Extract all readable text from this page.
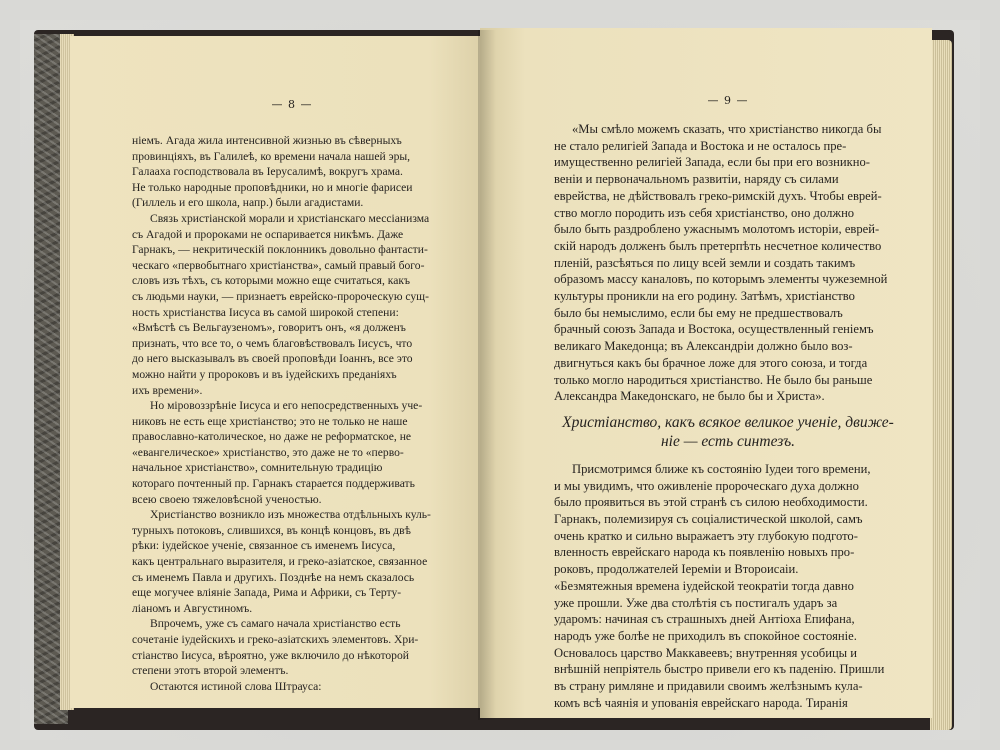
— 8 —
ніемъ. Агада жила интенсивной жизнью въ сѣверныхъ
провинціяхъ, въ Галилеѣ, ко времени начала нашей эры,
Галааха господствовала въ Іерусалимѣ, вокругъ храма.
Не только народные проповѣдники, но и многіе фарисеи
(Гиллель и его школа, напр.) были агадистами.
Связь христіанской морали и христіанскаго мессіанизма
съ Агадой и пророками не оспаривается никѣмъ. Даже
Гарнакъ, — некритическій поклонникъ довольно фантасти-
ческаго «первобытнаго христіанства», самый правый бого-
словъ изъ тѣхъ, съ которыми можно еще считаться, какъ
съ людьми науки, — признаетъ еврейско-пророческую сущ-
ность христіанства Іисуса въ самой широкой степени:
«Вмѣстѣ съ Вельгаузеномъ», говоритъ онъ, «я долженъ
признать, что все то, о чемъ благовѣствовалъ Іисусъ, что
до него высказывалъ въ своей проповѣди Іоаннъ, все это
можно найти у пророковъ и въ іудейскихъ преданіяхъ
ихъ времени».
Но міровоззрѣніе Іисуса и его непосредственныхъ уче-
никовъ не есть еще христіанство; это не только не наше
православно-католическое, но даже не реформатское, не
«евангелическое» христіанство, это даже не то «перво-
начальное христіанство», сомнительную традицію
котораго почтенный пр. Гарнакъ старается поддерживать
всею своею тяжеловѣсной ученостью.
Христіанство возникло изъ множества отдѣльныхъ куль-
турныхъ потоковъ, слившихся, въ концѣ концовъ, въ двѣ
рѣки: іудейское ученіе, связанное съ именемъ Іисуса,
какъ центральнаго выразителя, и греко-азіатское, связанное
съ именемъ Павла и другихъ. Позднѣе на немъ сказалось
еще могучее вліяніе Запада, Рима и Африки, съ Терту-
ліаномъ и Августиномъ.
Впрочемъ, уже съ самаго начала христіанство есть
сочетаніе іудейскихъ и греко-азіатскихъ элементовъ. Хри-
стіанство Іисуса, вѣроятно, уже включило до нѣкоторой
степени этотъ второй элементъ.
Остаются истиной слова Штрауса:
— 9 —
«Мы смѣло можемъ сказать, что христіанство никогда бы
не стало религіей Запада и Востока и не осталось пре-
имущественно религіей Запада, если бы при его возникно-
веніи и первоначальномъ развитіи, наряду съ силами
еврейства, не дѣйствовалъ греко-римскій духъ. Чтобы еврей-
ство могло породить изъ себя христіанство, оно должно
было быть раздроблено ужаснымъ молотомъ исторіи, еврей-
скій народъ долженъ былъ претерпѣть несчетное количество
пленій, разсѣяться по лицу всей земли и создать такимъ
образомъ массу каналовъ, по которымъ элементы чужеземной
культуры проникли на его родину. Затѣмъ, христіанство
было бы немыслимо, если бы ему не предшествовалъ
брачный союзъ Запада и Востока, осуществленный геніемъ
великаго Македонца; въ Александріи должно было воз-
двигнуться какъ бы брачное ложе для этого союза, и тогда
только могло народиться христіанство. Не было бы раньше
Александра Македонскаго, не было бы и Христа».
Христіанство, какъ всякое великое ученіе, движе-
ніе — есть синтезъ.
Присмотримся ближе къ состоянію Іудеи того времени,
и мы увидимъ, что оживленіе пророческаго духа должно
было проявиться въ этой странѣ съ силою необходимости.
Гарнакъ, полемизируя съ соціалистической школой, самъ
очень кратко и сильно выражаетъ эту глубокую подгото-
вленность еврейскаго народа къ появленію новыхъ про-
роковъ, продолжателей Іереміи и Второисаіи.
«Безмятежныя времена іудейской теократіи тогда давно
уже прошли. Уже два столѣтія съ постигалъ ударъ за
ударомъ: начиная съ страшныхъ дней Антіоха Епифана,
народъ уже болѣе не приходилъ въ спокойное состояніе.
Основалось царство Маккавеевъ; внутренняя усобицы и
внѣшній непріятель быстро привели его къ паденію. Пришли
въ страну римляне и придавили своимъ желѣзнымъ кула-
комъ всѣ чаянія и упованія еврейскаго народа. Тиранія
